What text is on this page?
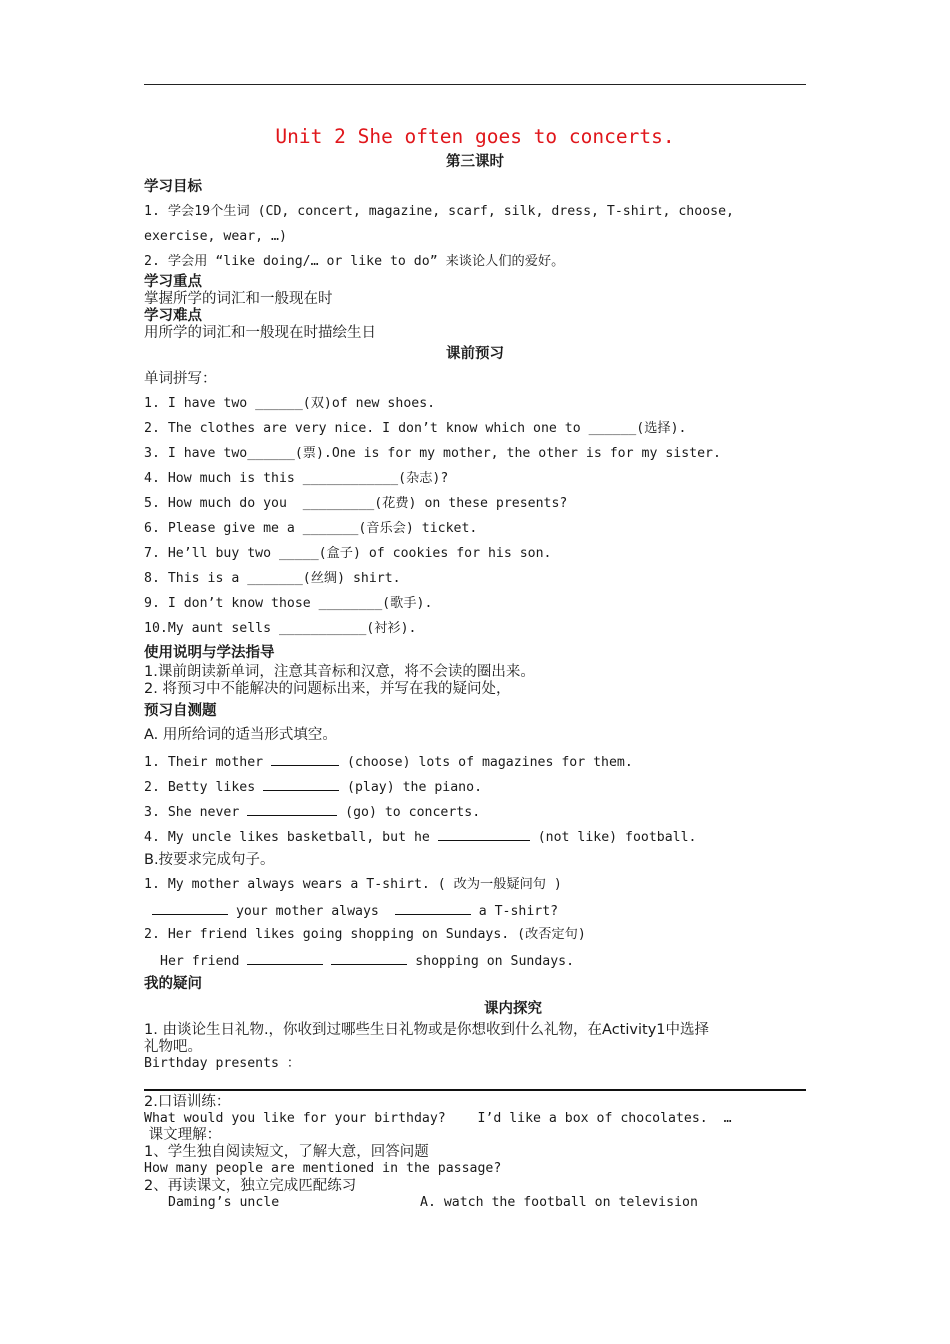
Unit 2 She often goes to concerts.
第三课时
学习目标
1. 学会19个生词 (CD, concert, magazine, scarf, silk, dress, T-shirt, choose,
exercise, wear, …)
2. 学会用 “like doing/… or like to do” 来谈论人们的爱好。
学习重点
掌握所学的词汇和一般现在时
学习难点
用所学的词汇和一般现在时描绘生日
课前预习
单词拼写：
1. I have two ______(双)of new shoes.
2. The clothes are very nice. I don’t know which one to ______(选择).
3. I have two______(票).One is for my mother, the other is for my sister.
4. How much is this ____________(杂志)?
5. How much do you  _________(花费) on these presents?
6. Please give me a _______(音乐会) ticket.
7. He’ll buy two _____(盒子) of cookies for his son.
8. This is a _______(丝绸) shirt.
9. I don’t know those ________(歌手).
10.My aunt sells ___________(衬衫).
使用说明与学法指导
1.课前朗读新单词，注意其音标和汉意，将不会读的圈出来。
2. 将预习中不能解决的问题标出来，并写在我的疑问处，
预习自测题
A. 用所给词的适当形式填空。
1. Their mother	(choose) lots of magazines for them.
2. Betty likes	(play) the piano.
3. She never	(go) to concerts.
4. My uncle likes basketball, but he	(not like) football.
B.按要求完成句子。
1. My mother always wears a T-shirt. ( 改为一般疑问句 )
your mother always	a T-shirt?
2. Her friend likes going shopping on Sundays. (改否定句)
Her friend	shopping on Sundays.
我的疑问
课内探究
1. 由谈论生日礼物.，你收到过哪些生日礼物或是你想收到什么礼物，在Activity1中选择
礼物吧。
Birthday presents ：
2.口语训练：
What would you like for your birthday?    I’d like a box of chocolates.  …
课文理解：
1、学生独自阅读短文，了解大意，回答问题
How many people are mentioned in the passage?
2、再读课文，独立完成匹配练习
Daming’s uncle	A. watch the football on television
